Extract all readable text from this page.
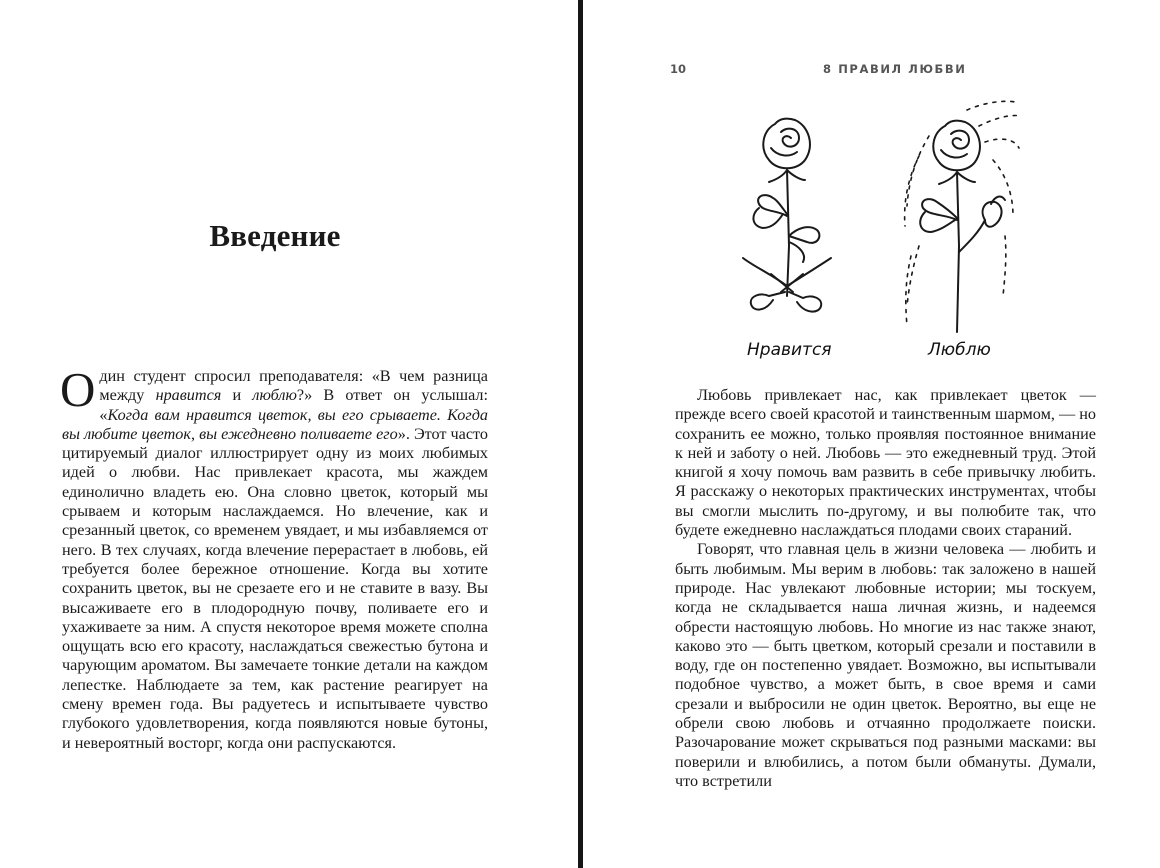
Введение

Один студент спросил преподавателя: «В чем разница между нравится и люблю?» В ответ он услышал: «Когда вам нравится цветок, вы его срываете. Когда вы любите цветок, вы ежедневно поливаете его». Этот часто цитируемый диалог иллюстрирует одну из моих любимых идей о любви. Нас привлекает красота, мы жаждем единолично владеть ею. Она словно цветок, который мы срываем и которым наслаждаемся. Но влечение, как и срезанный цветок, со временем увядает, и мы избавляемся от него. В тех случаях, когда влечение перерастает в любовь, ей требуется более бережное отношение. Когда вы хотите сохранить цветок, вы не срезаете его и не ставите в вазу. Вы высаживаете его в плодородную почву, поливаете его и ухаживаете за ним. А спустя некоторое время можете сполна ощущать всю его красоту, наслаждаться свежестью бутона и чарующим ароматом. Вы замечаете тонкие детали на каждом лепестке. Наблюдаете за тем, как растение реагирует на смену времен года. Вы радуетесь и испытываете чувство глубокого удовлетворения, когда появляются новые бутоны, и невероятный восторг, когда они распускаются.

10	8 ПРАВИЛ ЛЮБВИ
Нравится	Люблю

Любовь привлекает нас, как привлекает цветок — прежде всего своей красотой и таинственным шармом, — но сохранить ее можно, только проявляя постоянное внимание к ней и заботу о ней. Любовь — это ежедневный труд. Этой книгой я хочу помочь вам развить в себе привычку любить. Я расскажу о некоторых практических инструментах, чтобы вы смогли мыслить по-другому, и вы полюбите так, что будете ежедневно наслаждаться плодами своих стараний.

Говорят, что главная цель в жизни человека — любить и быть любимым. Мы верим в любовь: так заложено в нашей природе. Нас увлекают любовные истории; мы тоскуем, когда не складывается наша личная жизнь, и надеемся обрести настоящую любовь. Но многие из нас также знают, каково это — быть цветком, который срезали и поставили в воду, где он постепенно увядает. Возможно, вы испытывали подобное чувство, а может быть, в свое время и сами срезали и выбросили не один цветок. Вероятно, вы еще не обрели свою любовь и отчаянно продолжаете поиски. Разочарование может скрываться под разными масками: вы поверили и влюбились, а потом были обмануты. Думали, что встретили
